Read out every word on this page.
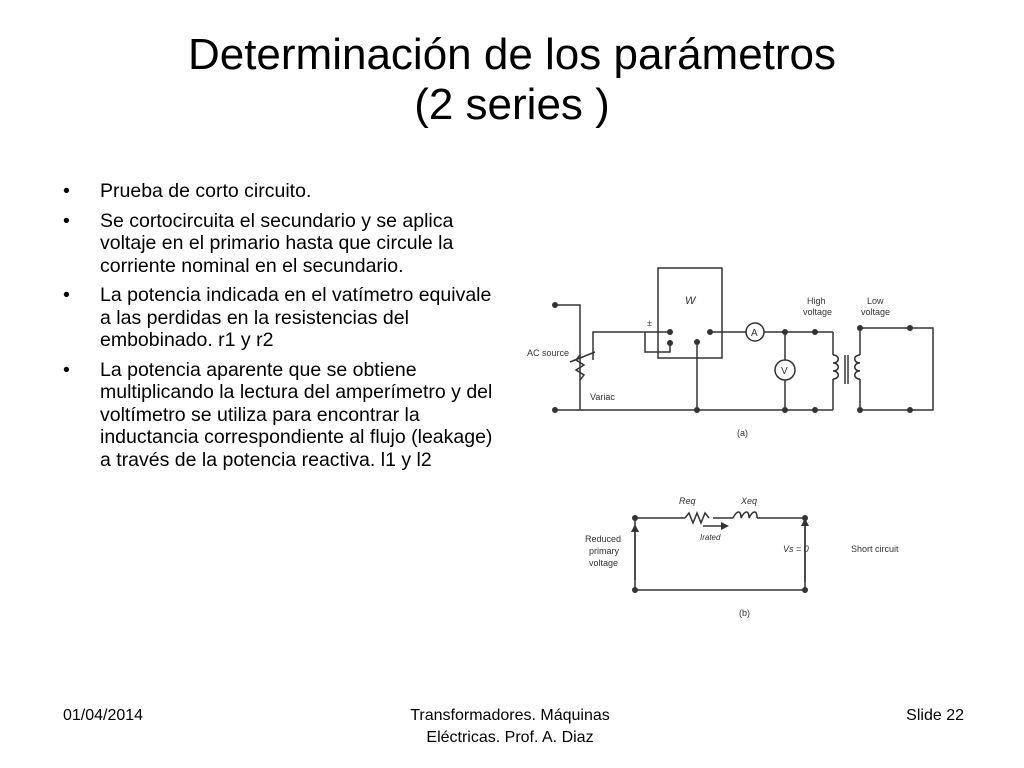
Determinación de los parámetros
(2 series )
• Prueba de corto circuito.
• Se cortocircuita el secundario y se aplica voltaje en el primario hasta que circule la corriente nominal en el secundario.
• La potencia indicada en el vatímetro equivale a las perdidas en la resistencias del embobinado. r1 y r2
• La potencia aparente que se obtiene multiplicando la lectura del amperímetro y del voltímetro se utiliza para encontrar la inductancia correspondiente al flujo (leakage) a través de la potencia reactiva. l1 y l2
W
A
V
±
AC source
Variac
High
voltage
Low
voltage
(a)
Req	Xeq
Irated
Reduced
primary
voltage
Vs = 0	Short circuit
(b)
01/04/2014	Transformadores. Máquinas
Eléctricas. Prof. A. Diaz
Slide 22
